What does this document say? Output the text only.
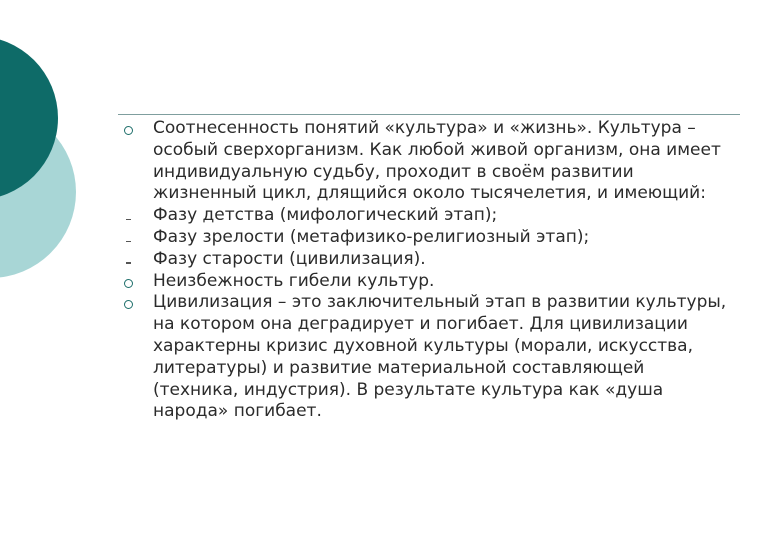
Соотнесенность понятий «культура» и «жизнь». Культура – особый сверхорганизм. Как любой живой организм, она имеет индивидуальную судьбу, проходит в своём развитии жизненный цикл, длящийся около тысячелетия, и имеющий:
Фазу детства (мифологический этап);
Фазу зрелости (метафизико-религиозный этап);
Фазу старости (цивилизация).
Неизбежность гибели культур.
Цивилизация – это заключительный этап в развитии культуры, на котором она деградирует и погибает. Для цивилизации характерны кризис духовной культуры (морали, искусства, литературы) и развитие материальной составляющей (техника, индустрия). В результате культура как «душа народа» погибает.
